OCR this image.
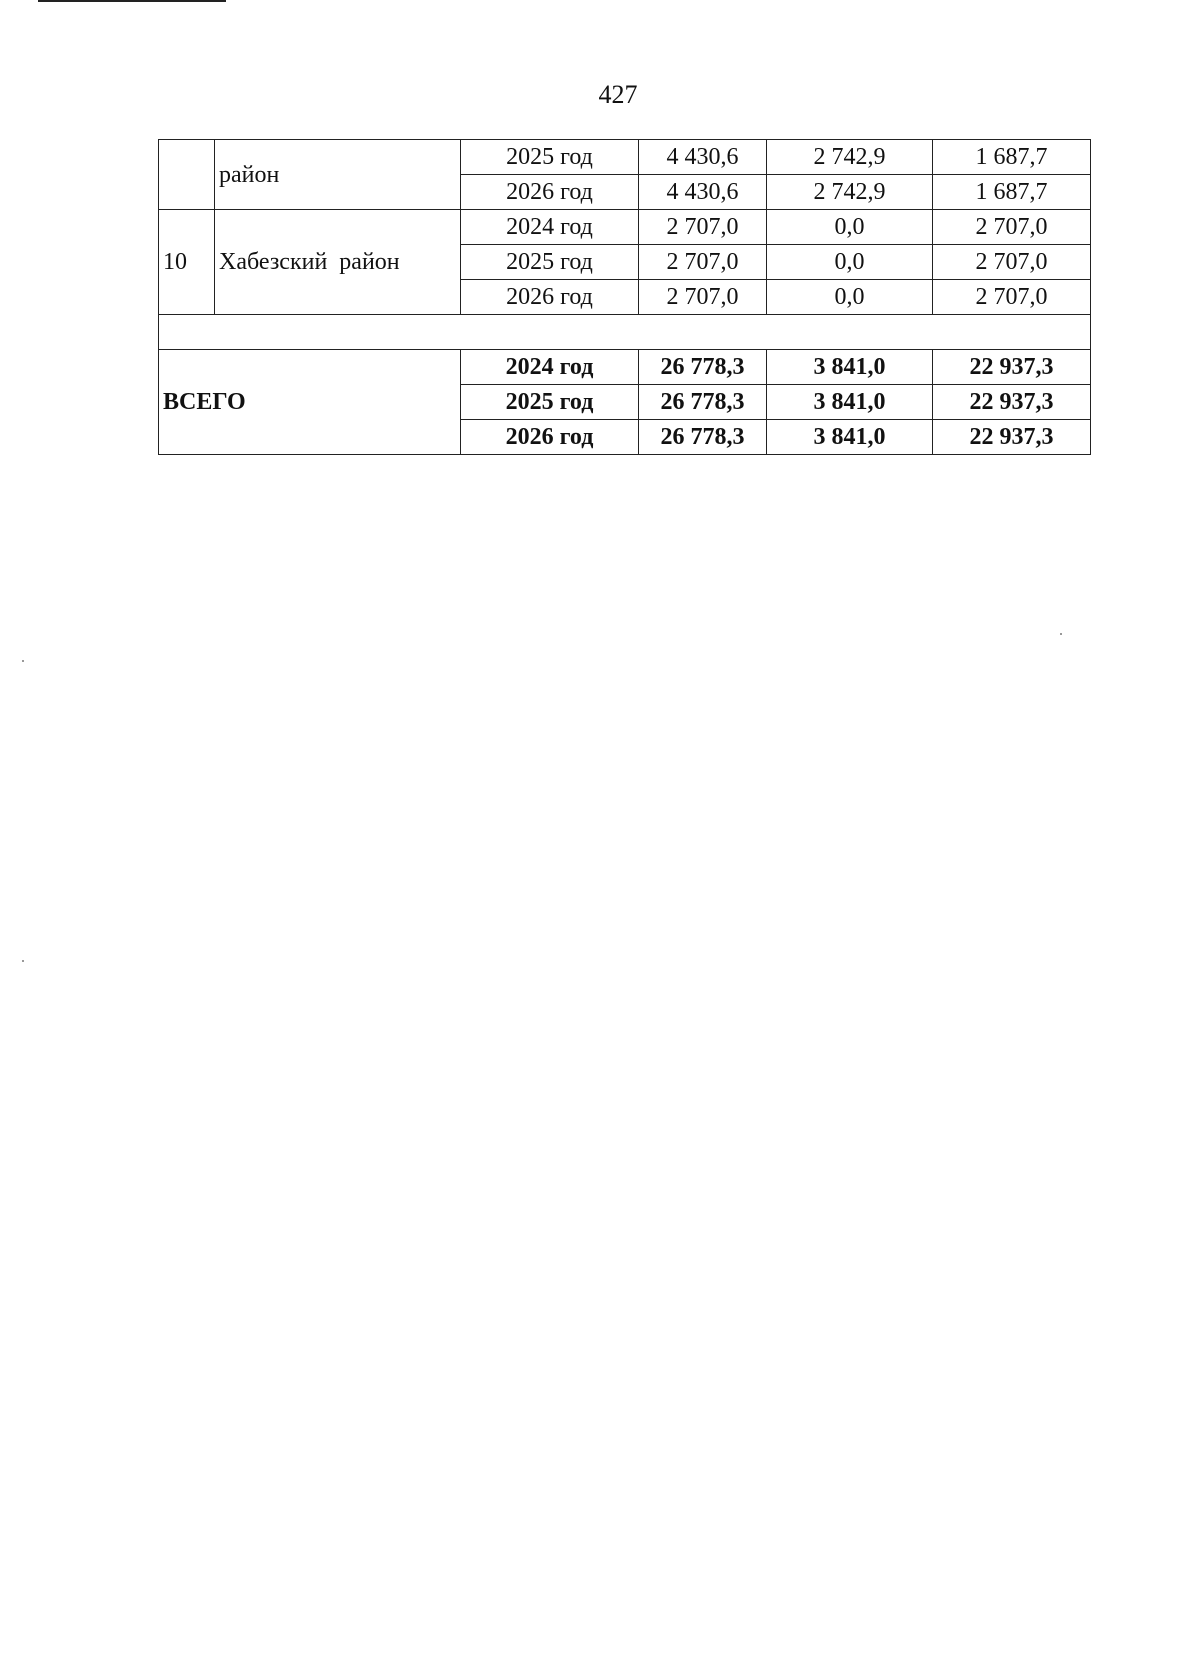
427
	район	2025 год	4 430,6	2 742,9	1 687,7
		2026 год	4 430,6	2 742,9	1 687,7
10	Хабезский  район	2024 год	2 707,0	0,0	2 707,0
		2025 год	2 707,0	0,0	2 707,0
		2026 год	2 707,0	0,0	2 707,0

ВСЕГО		2024 год	26 778,3	3 841,0	22 937,3
		2025 год	26 778,3	3 841,0	22 937,3
		2026 год	26 778,3	3 841,0	22 937,3
